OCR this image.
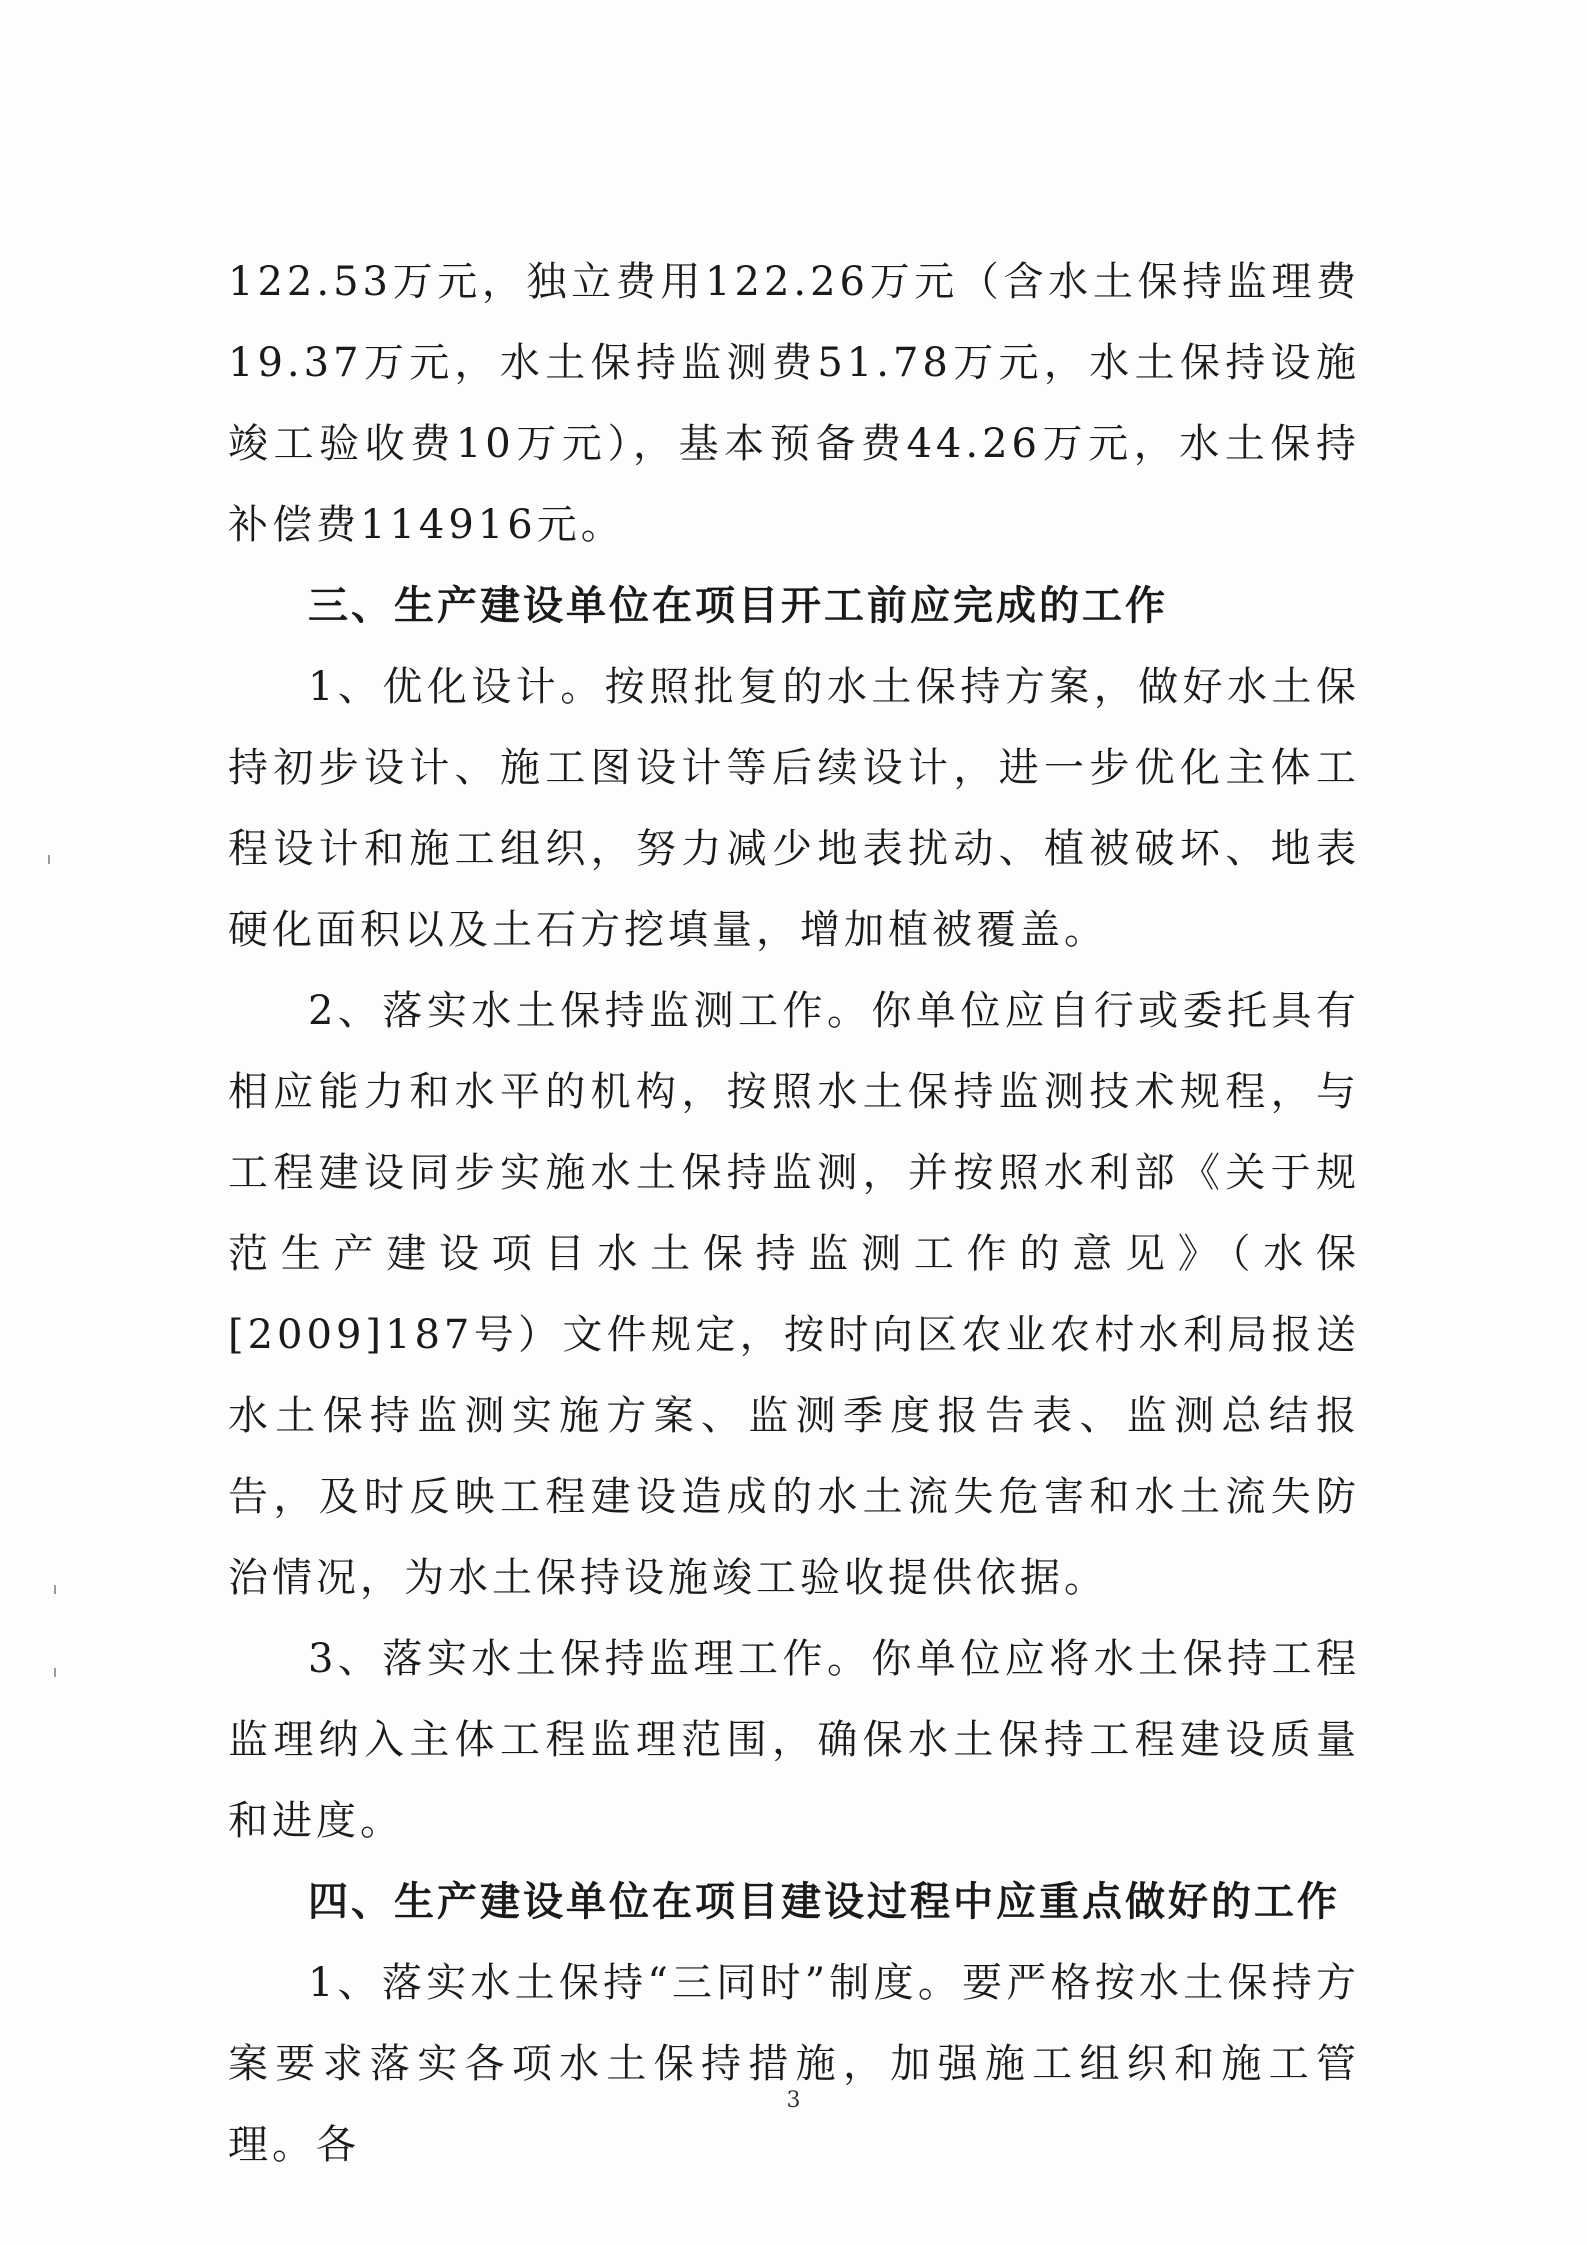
122.53万元，独立费用122.26万元（含水土保持监理费19.37万元，水土保持监测费51.78万元，水土保持设施竣工验收费10万元），基本预备费44.26万元，水土保持补偿费114916元。

三、生产建设单位在项目开工前应完成的工作

1、优化设计。按照批复的水土保持方案，做好水土保持初步设计、施工图设计等后续设计，进一步优化主体工程设计和施工组织，努力减少地表扰动、植被破坏、地表硬化面积以及土石方挖填量，增加植被覆盖。

2、落实水土保持监测工作。你单位应自行或委托具有相应能力和水平的机构，按照水土保持监测技术规程，与工程建设同步实施水土保持监测，并按照水利部《关于规范生产建设项目水土保持监测工作的意见》（水保[2009]187号）文件规定，按时向区农业农村水利局报送水土保持监测实施方案、监测季度报告表、监测总结报告，及时反映工程建设造成的水土流失危害和水土流失防治情况，为水土保持设施竣工验收提供依据。

3、落实水土保持监理工作。你单位应将水土保持工程监理纳入主体工程监理范围，确保水土保持工程建设质量和进度。

四、生产建设单位在项目建设过程中应重点做好的工作

1、落实水土保持“三同时”制度。要严格按水土保持方案要求落实各项水土保持措施，加强施工组织和施工管理。各

3
